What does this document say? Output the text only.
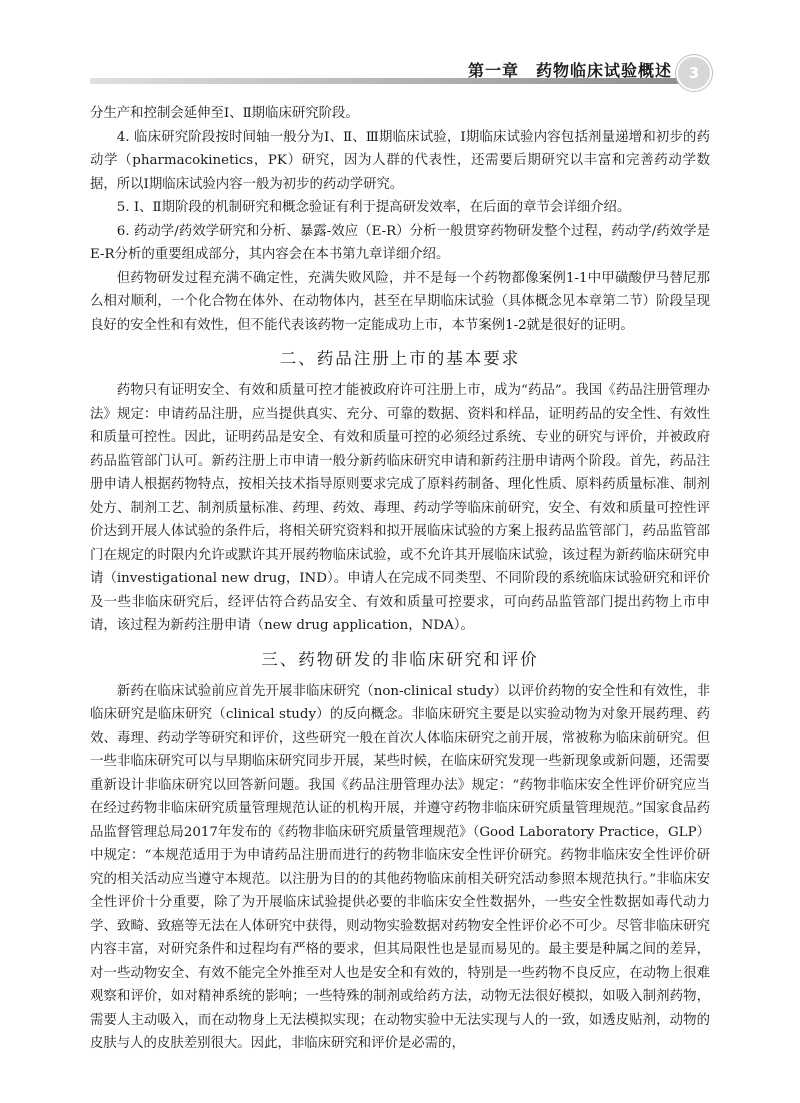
第一章　药物临床试验概述	3

分生产和控制会延伸至Ⅰ、Ⅱ期临床研究阶段。

4. 临床研究阶段按时间轴一般分为Ⅰ、Ⅱ、Ⅲ期临床试验，Ⅰ期临床试验内容包括剂量递增和初步的药动学（pharmacokinetics，PK）研究，因为人群的代表性，还需要后期研究以丰富和完善药动学数据，所以Ⅰ期临床试验内容一般为初步的药动学研究。

5. Ⅰ、Ⅱ期阶段的机制研究和概念验证有利于提高研发效率，在后面的章节会详细介绍。

6. 药动学/药效学研究和分析、暴露-效应（E-R）分析一般贯穿药物研发整个过程，药动学/药效学是E-R分析的重要组成部分，其内容会在本书第九章详细介绍。

但药物研发过程充满不确定性，充满失败风险，并不是每一个药物都像案例1-1中甲磺酸伊马替尼那么相对顺利，一个化合物在体外、在动物体内，甚至在早期临床试验（具体概念见本章第二节）阶段呈现良好的安全性和有效性，但不能代表该药物一定能成功上市，本节案例1-2就是很好的证明。

二、药品注册上市的基本要求

药物只有证明安全、有效和质量可控才能被政府许可注册上市，成为“药品”。我国《药品注册管理办法》规定：申请药品注册，应当提供真实、充分、可靠的数据、资料和样品，证明药品的安全性、有效性和质量可控性。因此，证明药品是安全、有效和质量可控的必须经过系统、专业的研究与评价，并被政府药品监管部门认可。新药注册上市申请一般分新药临床研究申请和新药注册申请两个阶段。首先，药品注册申请人根据药物特点，按相关技术指导原则要求完成了原料药制备、理化性质、原料药质量标准、制剂处方、制剂工艺、制剂质量标准、药理、药效、毒理、药动学等临床前研究，安全、有效和质量可控性评价达到开展人体试验的条件后，将相关研究资料和拟开展临床试验的方案上报药品监管部门，药品监管部门在规定的时限内允许或默许其开展药物临床试验，或不允许其开展临床试验，该过程为新药临床研究申请（investigational new drug，IND）。申请人在完成不同类型、不同阶段的系统临床试验研究和评价及一些非临床研究后，经评估符合药品安全、有效和质量可控要求，可向药品监管部门提出药物上市申请，该过程为新药注册申请（new drug application，NDA）。

三、药物研发的非临床研究和评价

新药在临床试验前应首先开展非临床研究（non-clinical study）以评价药物的安全性和有效性，非临床研究是临床研究（clinical study）的反向概念。非临床研究主要是以实验动物为对象开展药理、药效、毒理、药动学等研究和评价，这些研究一般在首次人体临床研究之前开展，常被称为临床前研究。但一些非临床研究可以与早期临床研究同步开展，某些时候，在临床研究发现一些新现象或新问题，还需要重新设计非临床研究以回答新问题。我国《药品注册管理办法》规定：“药物非临床安全性评价研究应当在经过药物非临床研究质量管理规范认证的机构开展，并遵守药物非临床研究质量管理规范。”国家食品药品监督管理总局2017年发布的《药物非临床研究质量管理规范》（Good Laboratory Practice，GLP）中规定：“本规范适用于为申请药品注册而进行的药物非临床安全性评价研究。药物非临床安全性评价研究的相关活动应当遵守本规范。以注册为目的的其他药物临床前相关研究活动参照本规范执行。”非临床安全性评价十分重要，除了为开展临床试验提供必要的非临床安全性数据外，一些安全性数据如毒代动力学、致畸、致癌等无法在人体研究中获得，则动物实验数据对药物安全性评价必不可少。尽管非临床研究内容丰富，对研究条件和过程均有严格的要求，但其局限性也是显而易见的。最主要是种属之间的差异，对一些动物安全、有效不能完全外推至对人也是安全和有效的，特别是一些药物不良反应，在动物上很难观察和评价，如对精神系统的影响；一些特殊的制剂或给药方法，动物无法很好模拟，如吸入制剂药物，需要人主动吸入，而在动物身上无法模拟实现；在动物实验中无法实现与人的一致，如透皮贴剂，动物的皮肤与人的皮肤差别很大。因此，非临床研究和评价是必需的，
